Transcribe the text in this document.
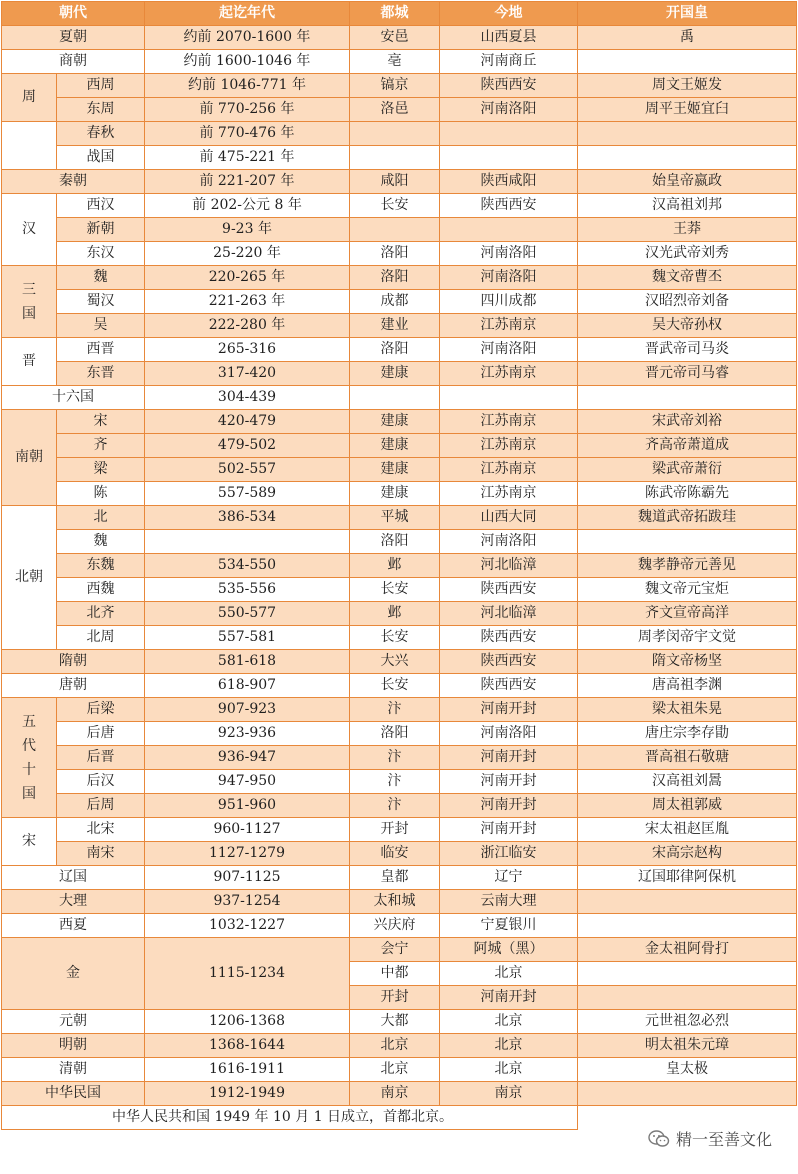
朝代		起讫年代	都城	今地	开国皇
夏朝		约前 2070-1600 年	安邑	山西夏县	禹
商朝		约前 1600-1046 年	亳	河南商丘	
周	西周	约前 1046-771 年	镐京	陕西西安	周文王姬发
	东周	前 770-256 年	洛邑	河南洛阳	周平王姬宜臼
	春秋	前 770-476 年			
	战国	前 475-221 年			
秦朝		前 221-207 年	咸阳	陕西咸阳	始皇帝嬴政
汉	西汉	前 202-公元 8 年	长安	陕西西安	汉高祖刘邦
	新朝	9-23 年			王莽
	东汉	25-220 年	洛阳	河南洛阳	汉光武帝刘秀
三国	魏	220-265 年	洛阳	河南洛阳	魏文帝曹丕
	蜀汉	221-263 年	成都	四川成都	汉昭烈帝刘备
	吴	222-280 年	建业	江苏南京	吴大帝孙权
晋	西晋	265-316	洛阳	河南洛阳	晋武帝司马炎
	东晋	317-420	建康	江苏南京	晋元帝司马睿
十六国		304-439			
南朝	宋	420-479	建康	江苏南京	宋武帝刘裕
	齐	479-502	建康	江苏南京	齐高帝萧道成
	梁	502-557	建康	江苏南京	梁武帝萧衍
	陈	557-589	建康	江苏南京	陈武帝陈霸先
北朝	北	386-534	平城	山西大同	魏道武帝拓跋珪
	魏		洛阳	河南洛阳	
	东魏	534-550	邺	河北临漳	魏孝静帝元善见
	西魏	535-556	长安	陕西西安	魏文帝元宝炬
	北齐	550-577	邺	河北临漳	齐文宣帝高洋
	北周	557-581	长安	陕西西安	周孝闵帝宇文觉
隋朝		581-618	大兴	陕西西安	隋文帝杨坚
唐朝		618-907	长安	陕西西安	唐高祖李渊
五代十国	后梁	907-923	汴	河南开封	梁太祖朱晃
	后唐	923-936	洛阳	河南洛阳	唐庄宗李存勖
	后晋	936-947	汴	河南开封	晋高祖石敬瑭
	后汉	947-950	汴	河南开封	汉高祖刘暠
	后周	951-960	汴	河南开封	周太祖郭威
宋	北宋	960-1127	开封	河南开封	宋太祖赵匡胤
	南宋	1127-1279	临安	浙江临安	宋高宗赵构
辽国		907-1125	皇都	辽宁	辽国耶律阿保机
大理		937-1254	太和城	云南大理	
西夏		1032-1227	兴庆府	宁夏银川	
金		1115-1234	会宁	阿城（黑）	金太祖阿骨打
			中都	北京	
			开封	河南开封	
元朝		1206-1368	大都	北京	元世祖忽必烈
明朝		1368-1644	北京	北京	明太祖朱元璋
清朝		1616-1911	北京	北京	皇太极
中华民国		1912-1949	南京	南京	
中华人民共和国 1949 年 10 月 1 日成立，首都北京。					
精一至善文化
